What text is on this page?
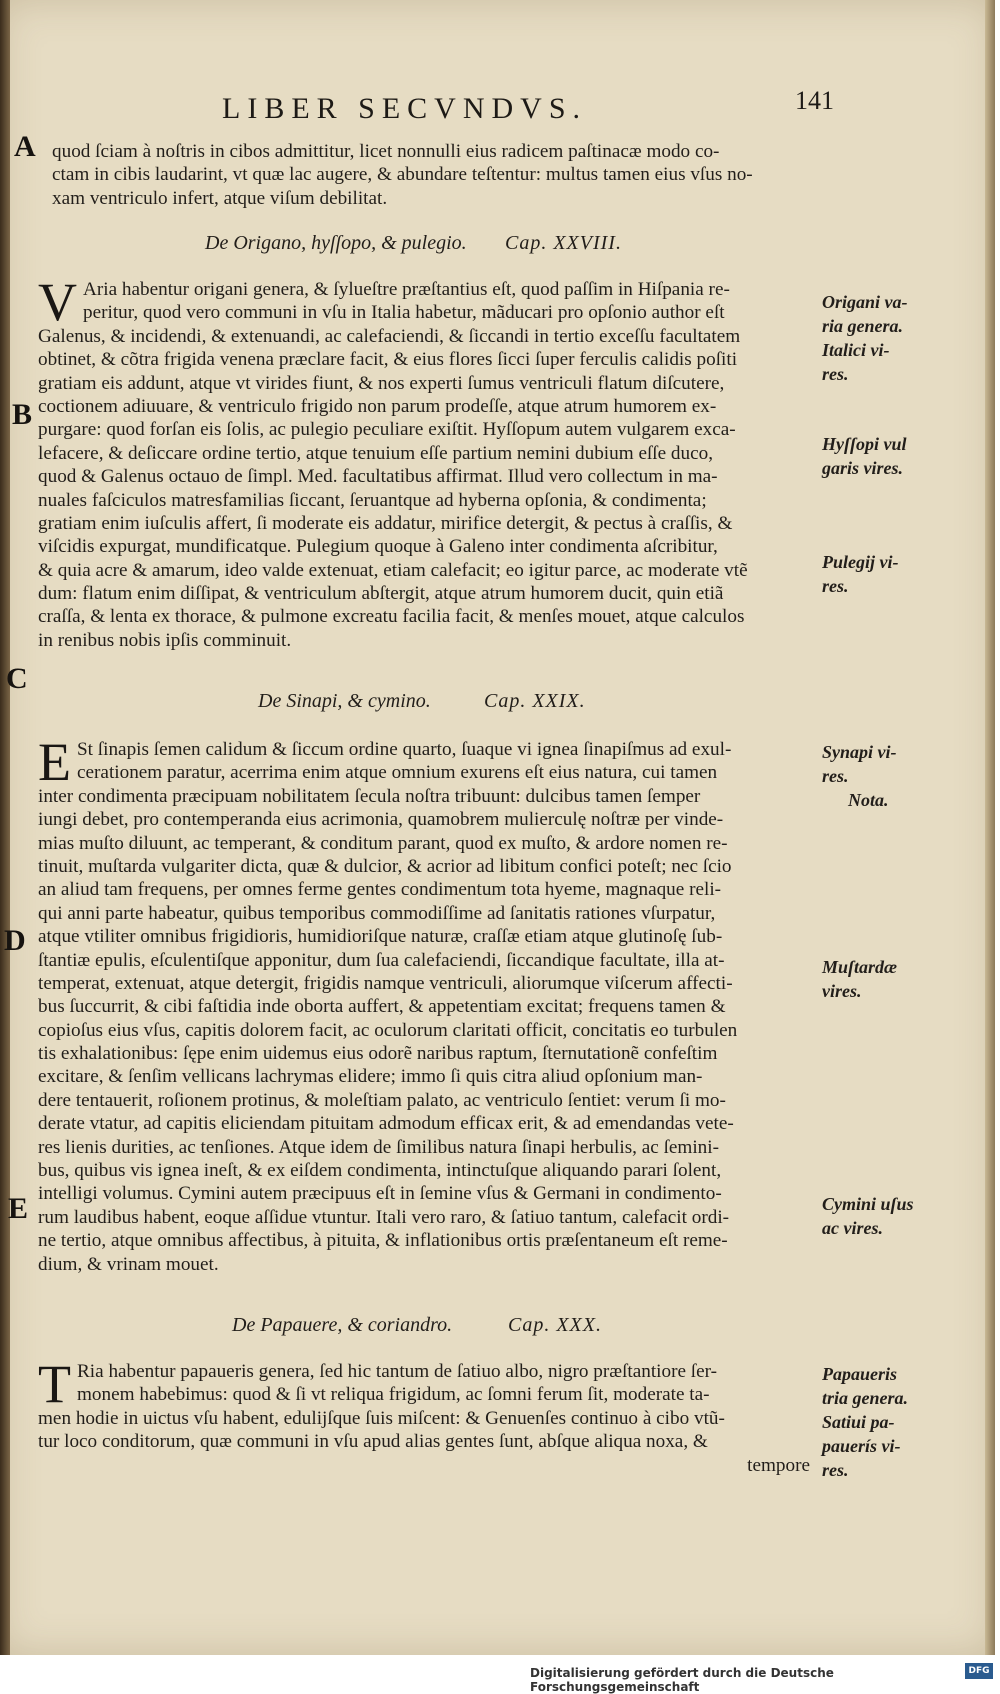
LIBER SECVNDVS.	141
A
B
C
D
E
quod ſciam à noſtris in cibos admittitur, licet nonnulli eius radicem paſtinacæ modo co-
ctam in cibis laudarint, vt quæ lac augere, & abundare teſtentur: multus tamen eius vſus no-
xam ventriculo infert, atque viſum debilitat.
De Origano, hyſſopo, & pulegio. Cap. XXVIII.
V Aria habentur origani genera, & ſylueſtre præſtantius eſt, quod paſſim in Hiſpania re-
peritur, quod vero communi in vſu in Italia habetur, mãducari pro opſonio author eſt
Galenus, & incidendi, & extenuandi, ac calefaciendi, & ſiccandi in tertio exceſſu facultatem
obtinet, & cõtra frigida venena præclare facit, & eius flores ſicci ſuper ferculis calidis poſiti
gratiam eis addunt, atque vt virides fiunt, & nos experti ſumus ventriculi flatum diſcutere,
coctionem adiuuare, & ventriculo frigido non parum prodeſſe, atque atrum humorem ex-
purgare: quod forſan eis ſolis, ac pulegio peculiare exiſtit. Hyſſopum autem vulgarem exca-
lefacere, & deſiccare ordine tertio, atque tenuium eſſe partium nemini dubium eſſe duco,
quod & Galenus octauo de ſimpl. Med. facultatibus affirmat. Illud vero collectum in ma-
nuales faſciculos matresfamilias ſiccant, ſeruantque ad hyberna opſonia, & condimenta;
gratiam enim iuſculis affert, ſi moderate eis addatur, mirifice detergit, & pectus à craſſis, &
viſcidis expurgat, mundificatque. Pulegium quoque à Galeno inter condimenta aſcribitur,
& quia acre & amarum, ideo valde extenuat, etiam calefacit; eo igitur parce, ac moderate vtẽ
dum: flatum enim diſſipat, & ventriculum abſtergit, atque atrum humorem ducit, quin etiã
craſſa, & lenta ex thorace, & pulmone excreatu facilia facit, & menſes mouet, atque calculos
in renibus nobis ipſis comminuit.
Origani va-
ria genera.
Italici vi-
res.
Hyſſopi vul
garis vires.
Pulegij vi-
res.
De Sinapi, & cymino.	Cap. XXIX.
E St ſinapis ſemen calidum & ſiccum ordine quarto, ſuaque vi ignea ſinapiſmus ad exul-
cerationem paratur, acerrima enim atque omnium exurens eſt eius natura, cui tamen
inter condimenta præcipuam nobilitatem ſecula noſtra tribuunt: dulcibus tamen ſemper
iungi debet, pro contemperanda eius acrimonia, quamobrem mulierculę noſtræ per vinde-
mias muſto diluunt, ac temperant, & conditum parant, quod ex muſto, & ardore nomen re-
tinuit, muſtarda vulgariter dicta, quæ & dulcior, & acrior ad libitum confici poteſt; nec ſcio
an aliud tam frequens, per omnes ferme gentes condimentum tota hyeme, magnaque reli-
qui anni parte habeatur, quibus temporibus commodiſſime ad ſanitatis rationes vſurpatur,
atque vtiliter omnibus frigidioris, humidioriſque naturæ, craſſæ etiam atque glutinoſę ſub-
ſtantiæ epulis, eſculentiſque apponitur, dum ſua calefaciendi, ſiccandique facultate, illa at-
temperat, extenuat, atque detergit, frigidis namque ventriculi, aliorumque viſcerum affecti-
bus ſuccurrit, & cibi faſtidia inde oborta auffert, & appetentiam excitat; frequens tamen &
copioſus eius vſus, capitis dolorem facit, ac oculorum claritati officit, concitatis eo turbulen
tis exhalationibus: ſępe enim uidemus eius odorẽ naribus raptum, ſternutationẽ confeſtim
excitare, & ſenſim vellicans lachrymas elidere; immo ſi quis citra aliud opſonium man-
dere tentauerit, roſionem protinus, & moleſtiam palato, ac ventriculo ſentiet: verum ſi mo-
derate vtatur, ad capitis eliciendam pituitam admodum efficax erit, & ad emendandas vete-
res lienis durities, ac tenſiones. Atque idem de ſimilibus natura ſinapi herbulis, ac ſemini-
bus, quibus vis ignea ineſt, & ex eiſdem condimenta, intinctuſque aliquando parari ſolent,
intelligi volumus. Cymini autem præcipuus eſt in ſemine vſus & Germani in condimento-
rum laudibus habent, eoque aſſidue vtuntur. Itali vero raro, & ſatiuo tantum, calefacit ordi-
ne tertio, atque omnibus affectibus, à pituita, & inflationibus ortis præſentaneum eſt reme-
dium, & vrinam mouet.
Synapi vi-
res.
Nota.
Muſtardæ
vires.
Cymini uſus
ac vires.
De Papauere, & coriandro.	Cap. XXX.
T Ria habentur papaueris genera, ſed hic tantum de ſatiuo albo, nigro præſtantiore ſer-
monem habebimus: quod & ſi vt reliqua frigidum, ac ſomni ferum ſit, moderate ta-
men hodie in uictus vſu habent, edulijſque ſuis miſcent: & Genuenſes continuo à cibo vtũ-
tur loco conditorum, quæ communi in vſu apud alias gentes ſunt, abſque aliqua noxa, &
tempore
Papaueris
tria genera.
Satiui pa-
pauerís vi-
res.
Digitalisierung gefördert durch die Deutsche Forschungsgemeinschaft
DFG
